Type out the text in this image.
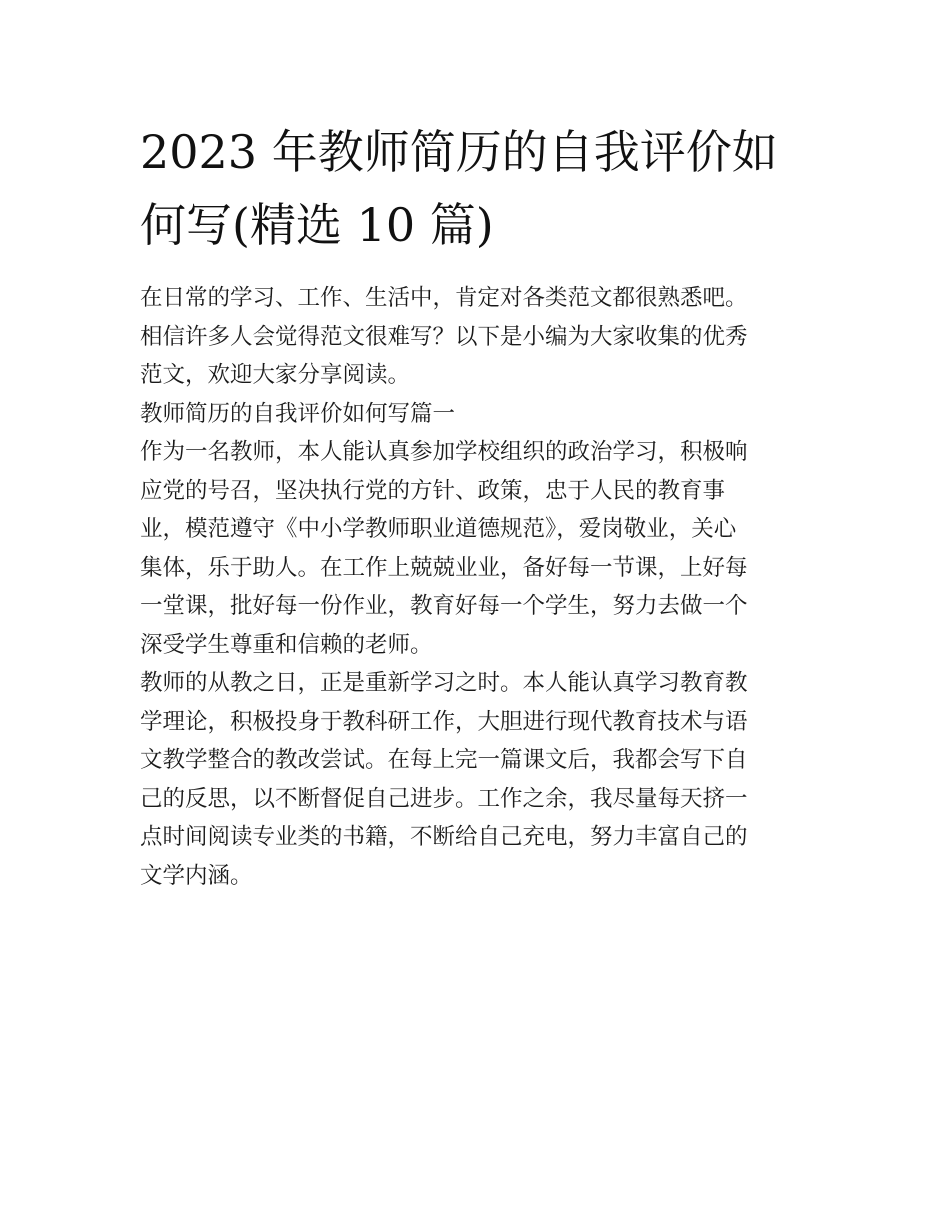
2023 年教师简历的自我评价如
何写(精选 10 篇)

在日常的学习、工作、生活中，肯定对各类范文都很熟悉吧。
相信许多人会觉得范文很难写？以下是小编为大家收集的优秀
范文，欢迎大家分享阅读。

教师简历的自我评价如何写篇一

作为一名教师，本人能认真参加学校组织的政治学习，积极响
应党的号召，坚决执行党的方针、政策，忠于人民的教育事
业，模范遵守《中小学教师职业道德规范》，爱岗敬业，关心
集体，乐于助人。在工作上兢兢业业，备好每一节课，上好每
一堂课，批好每一份作业，教育好每一个学生，努力去做一个
深受学生尊重和信赖的老师。

教师的从教之日，正是重新学习之时。本人能认真学习教育教
学理论，积极投身于教科研工作，大胆进行现代教育技术与语
文教学整合的教改尝试。在每上完一篇课文后，我都会写下自
己的反思，以不断督促自己进步。工作之余，我尽量每天挤一
点时间阅读专业类的书籍，不断给自己充电，努力丰富自己的
文学内涵。
